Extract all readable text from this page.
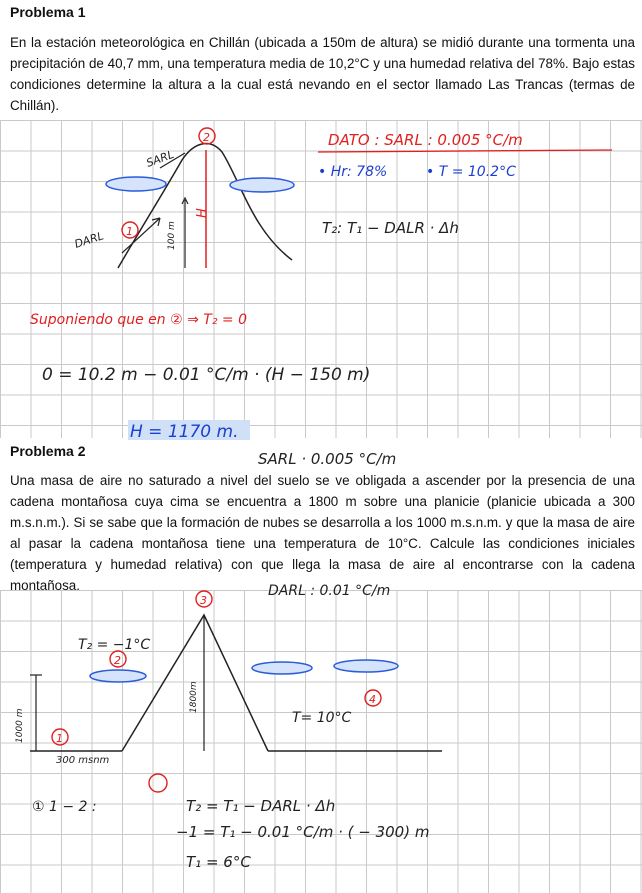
Problema 1
En la estación meteorológica en Chillán (ubicada a 150m de altura) se midió durante una tormenta una precipitación de 40,7 mm, una temperatura media de 10,2°C y una humedad relativa del 78%. Bajo estas condiciones determine la altura a la cual está nevando en el sector llamado Las Trancas (termas de Chillán).
100 m
H
2
1
SARL
DARL
DATO : SARL : 0.005 °C/m
• Hr: 78%	• T = 10.2°C
T₂: T₁ − DALR · Δh
Suponiendo que en ② ⇒ T₂ = 0
0 = 10.2 m − 0.01 °C/m · (H − 150 m)
H = 1170 m.
Problema 2	SARL · 0.005 °C/m
Una masa de aire no saturado a nivel del suelo se ve obligada a ascender por la presencia de una cadena montañosa cuya cima se encuentra a 1800 m sobre una planicie (planicie ubicada a 300 m.s.n.m.). Si se sabe que la formación de nubes se desarrolla a los 1000 m.s.n.m. y que la masa de aire al pasar la cadena montañosa tiene una temperatura de 10°C. Calcule las condiciones iniciales (temperatura y humedad relativa) con que llega la masa de aire al encontrarse con la cadena montañosa.	DARL : 0.01 °C/m
3
2
1
4
T₂ = −1°C
T= 10°C
1000 m
1800m
300 msnm
① 1 − 2 :	T₂ = T₁ − DARL · Δh
−1 = T₁ − 0.01 °C/m · ( − 300) m
T₁ = 6°C
